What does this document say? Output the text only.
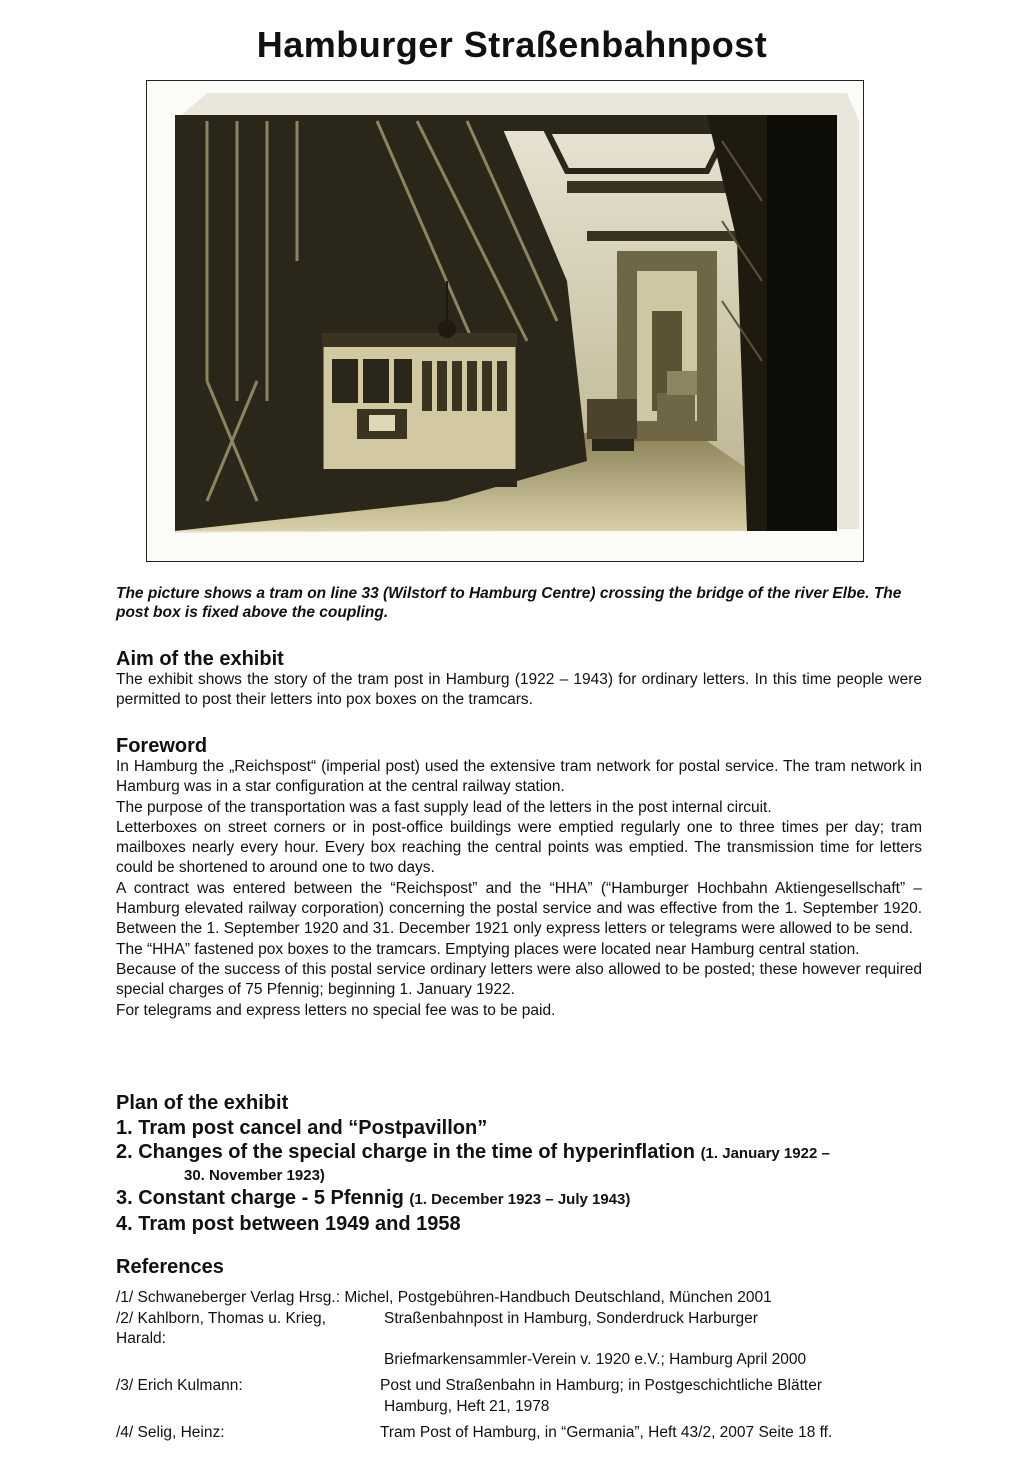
Hamburger Straßenbahnpost
The picture shows a tram on line 33 (Wilstorf to Hamburg Centre) crossing the bridge of the river Elbe. The post box is fixed above the coupling.
Aim of the exhibit

The exhibit shows the story of the tram post in Hamburg (1922 – 1943) for ordinary letters. In this time people were permitted to post their letters into pox boxes on the tramcars.

Foreword

In Hamburg the „Reichspost“ (imperial post) used the extensive tram network for postal service. The tram network in Hamburg was in a star configuration at the central railway station.

The purpose of the transportation was a fast supply lead of the letters in the post internal circuit.

Letterboxes on street corners or in post-office buildings were emptied regularly one to three times per day; tram mailboxes nearly every hour. Every box reaching the central points was emptied. The transmission time for letters could be shortened to around one to two days.

A contract was entered between the “Reichspost” and the “HHA” (“Hamburger Hochbahn Aktiengesellschaft” – Hamburg elevated railway corporation) concerning the postal service and was effective from the 1. September 1920. Between the 1. September 1920 and 31. December 1921 only express letters or telegrams were allowed to be send.

The “HHA” fastened pox boxes to the tramcars. Emptying places were located near Hamburg central station.

Because of the success of this postal service ordinary letters were also allowed to be posted; these however required special charges of 75 Pfennig; beginning 1. January 1922.

For telegrams and express letters no special fee was to be paid.

Plan of the exhibit
1. Tram post cancel and “Postpavillon”
2. Changes of the special charge in the time of hyperinflation (1. January 1922 –
30. November 1923)
3. Constant charge - 5 Pfennig (1. December 1923 – July 1943)
4. Tram post between 1949 and 1958
References
/1/ Schwaneberger Verlag Hrsg.: Michel, Postgebühren-Handbuch Deutschland, München 2001
/2/ Kahlborn, Thomas u. Krieg, Harald:
Straßenbahnpost in Hamburg, Sonderdruck Harburger
Briefmarkensammler-Verein v. 1920 e.V.; Hamburg April 2000
/3/ Erich Kulmann:	Post und Straßenbahn in Hamburg; in Postgeschichtliche Blätter
Hamburg, Heft 21, 1978
/4/ Selig, Heinz:	Tram Post of Hamburg, in “Germania”, Heft 43/2, 2007 Seite 18 ff.
